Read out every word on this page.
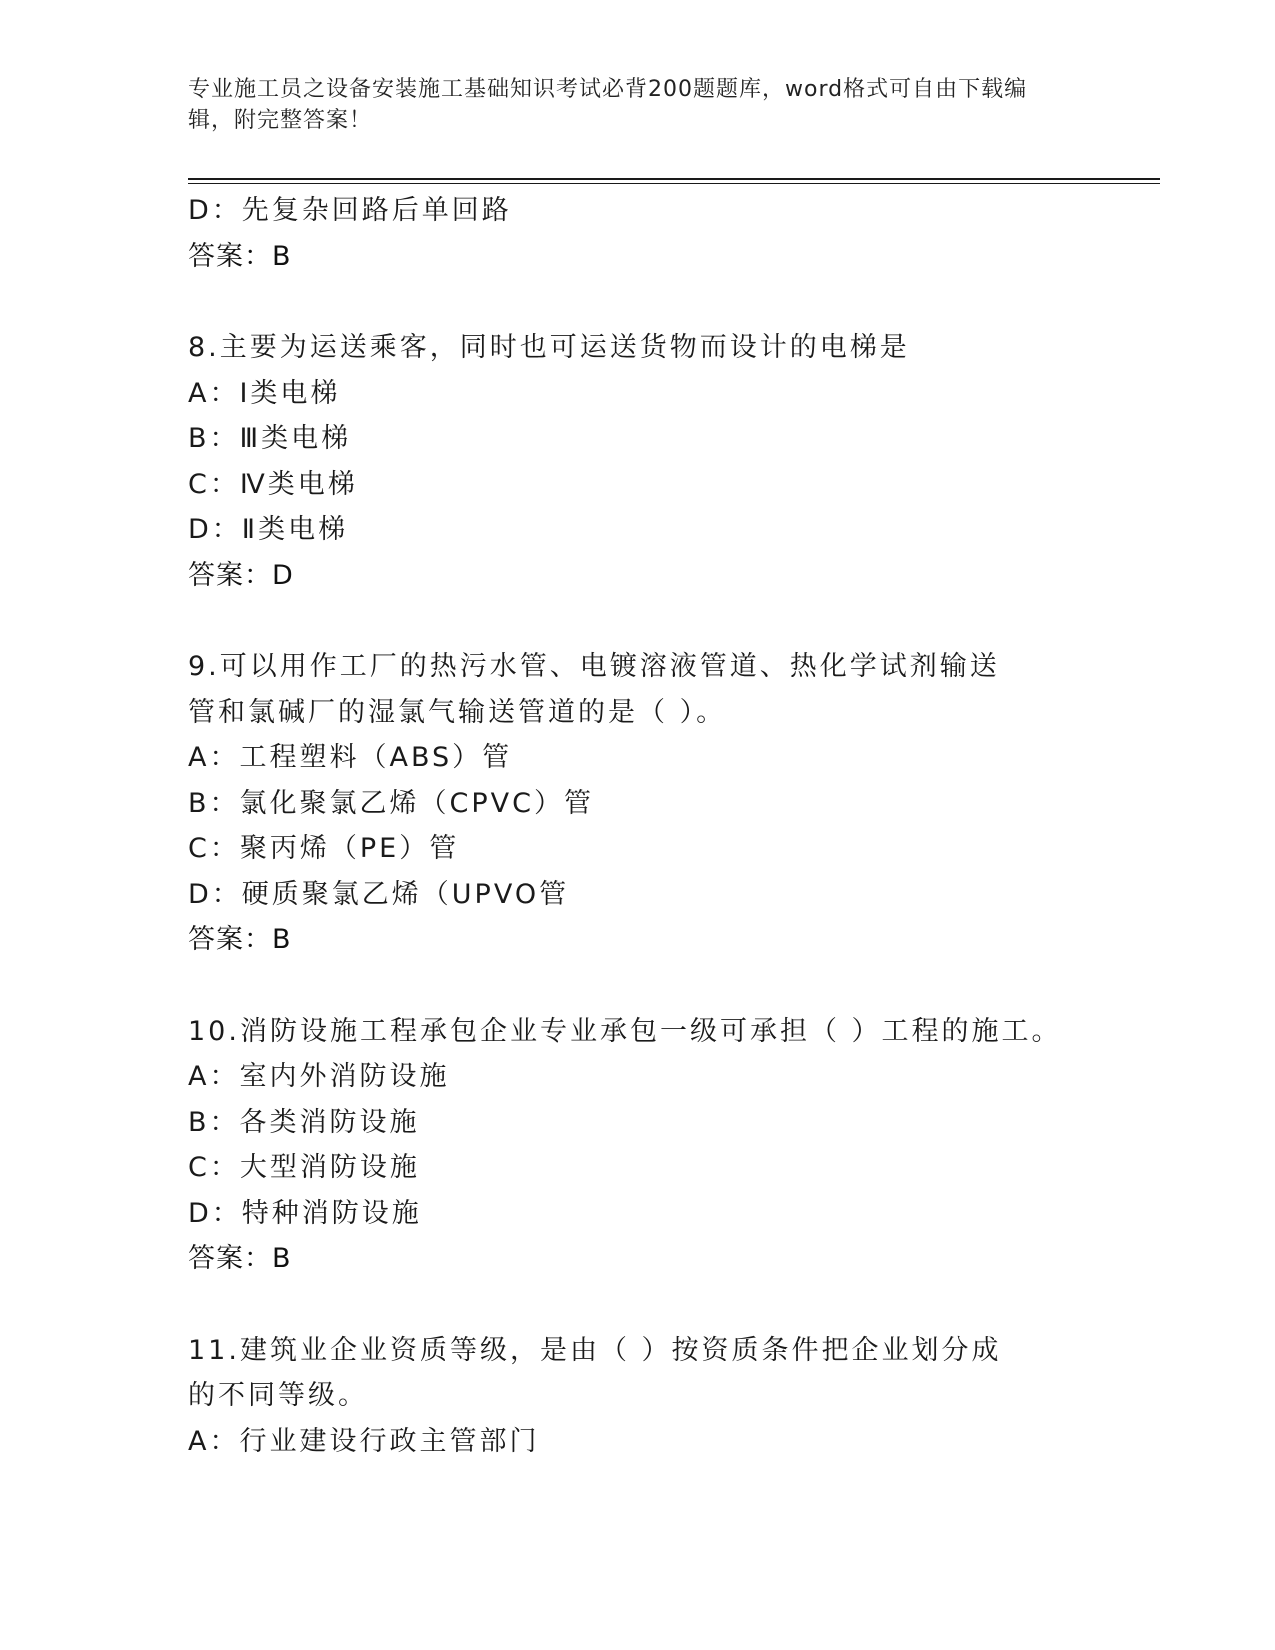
专业施工员之设备安装施工基础知识考试必背200题题库，word格式可自由下载编辑，附完整答案！
D：先复杂回路后单回路
答案：B
8.主要为运送乘客，同时也可运送货物而设计的电梯是
A：Ⅰ类电梯
B：Ⅲ类电梯
C：Ⅳ类电梯
D：Ⅱ类电梯
答案：D
9.可以用作工厂的热污水管、电镀溶液管道、热化学试剂输送管和氯碱厂的湿氯气输送管道的是（ ）。
A：工程塑料（ABS）管
B：氯化聚氯乙烯（CPVC）管
C：聚丙烯（PE）管
D：硬质聚氯乙烯（UPVO管
答案：B
10.消防设施工程承包企业专业承包一级可承担（ ）工程的施工。
A：室内外消防设施
B：各类消防设施
C：大型消防设施
D：特种消防设施
答案：B
11.建筑业企业资质等级，是由（ ）按资质条件把企业划分成的不同等级。
A：行业建设行政主管部门
